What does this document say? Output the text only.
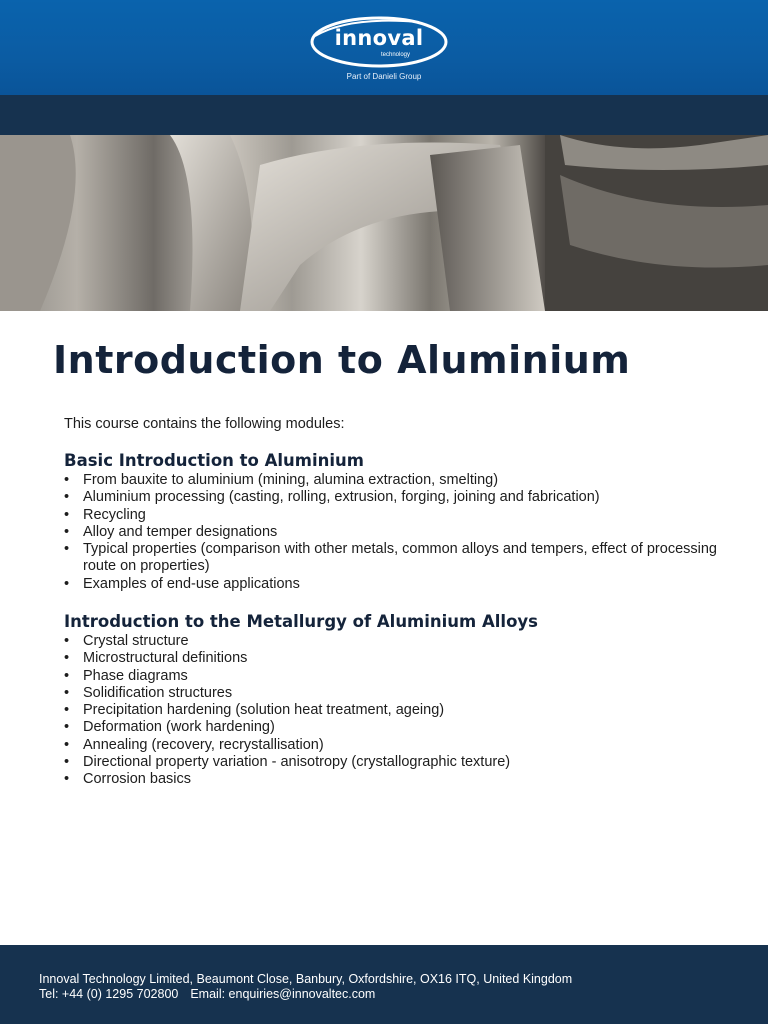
innoval
technology
Part of Danieli Group
Introduction to Aluminium
This course contains the following modules:
Basic Introduction to Aluminium
• From bauxite to aluminium (mining, alumina extraction, smelting)
• Aluminium processing (casting, rolling, extrusion, forging, joining and fabrication)
• Recycling
• Alloy and temper designations
• Typical properties (comparison with other metals, common alloys and tempers, effect of processing route on properties)
• Examples of end-use applications
Introduction to the Metallurgy of Aluminium Alloys
• Crystal structure
• Microstructural definitions
• Phase diagrams
• Solidification structures
• Precipitation hardening (solution heat treatment, ageing)
• Deformation (work hardening)
• Annealing (recovery, recrystallisation)
• Directional property variation - anisotropy (crystallographic texture)
• Corrosion basics
Innoval Technology Limited, Beaumont Close, Banbury, Oxfordshire, OX16 ITQ, United Kingdom
Tel: +44 (0) 1295 702800 Email: enquiries@innovaltec.com
